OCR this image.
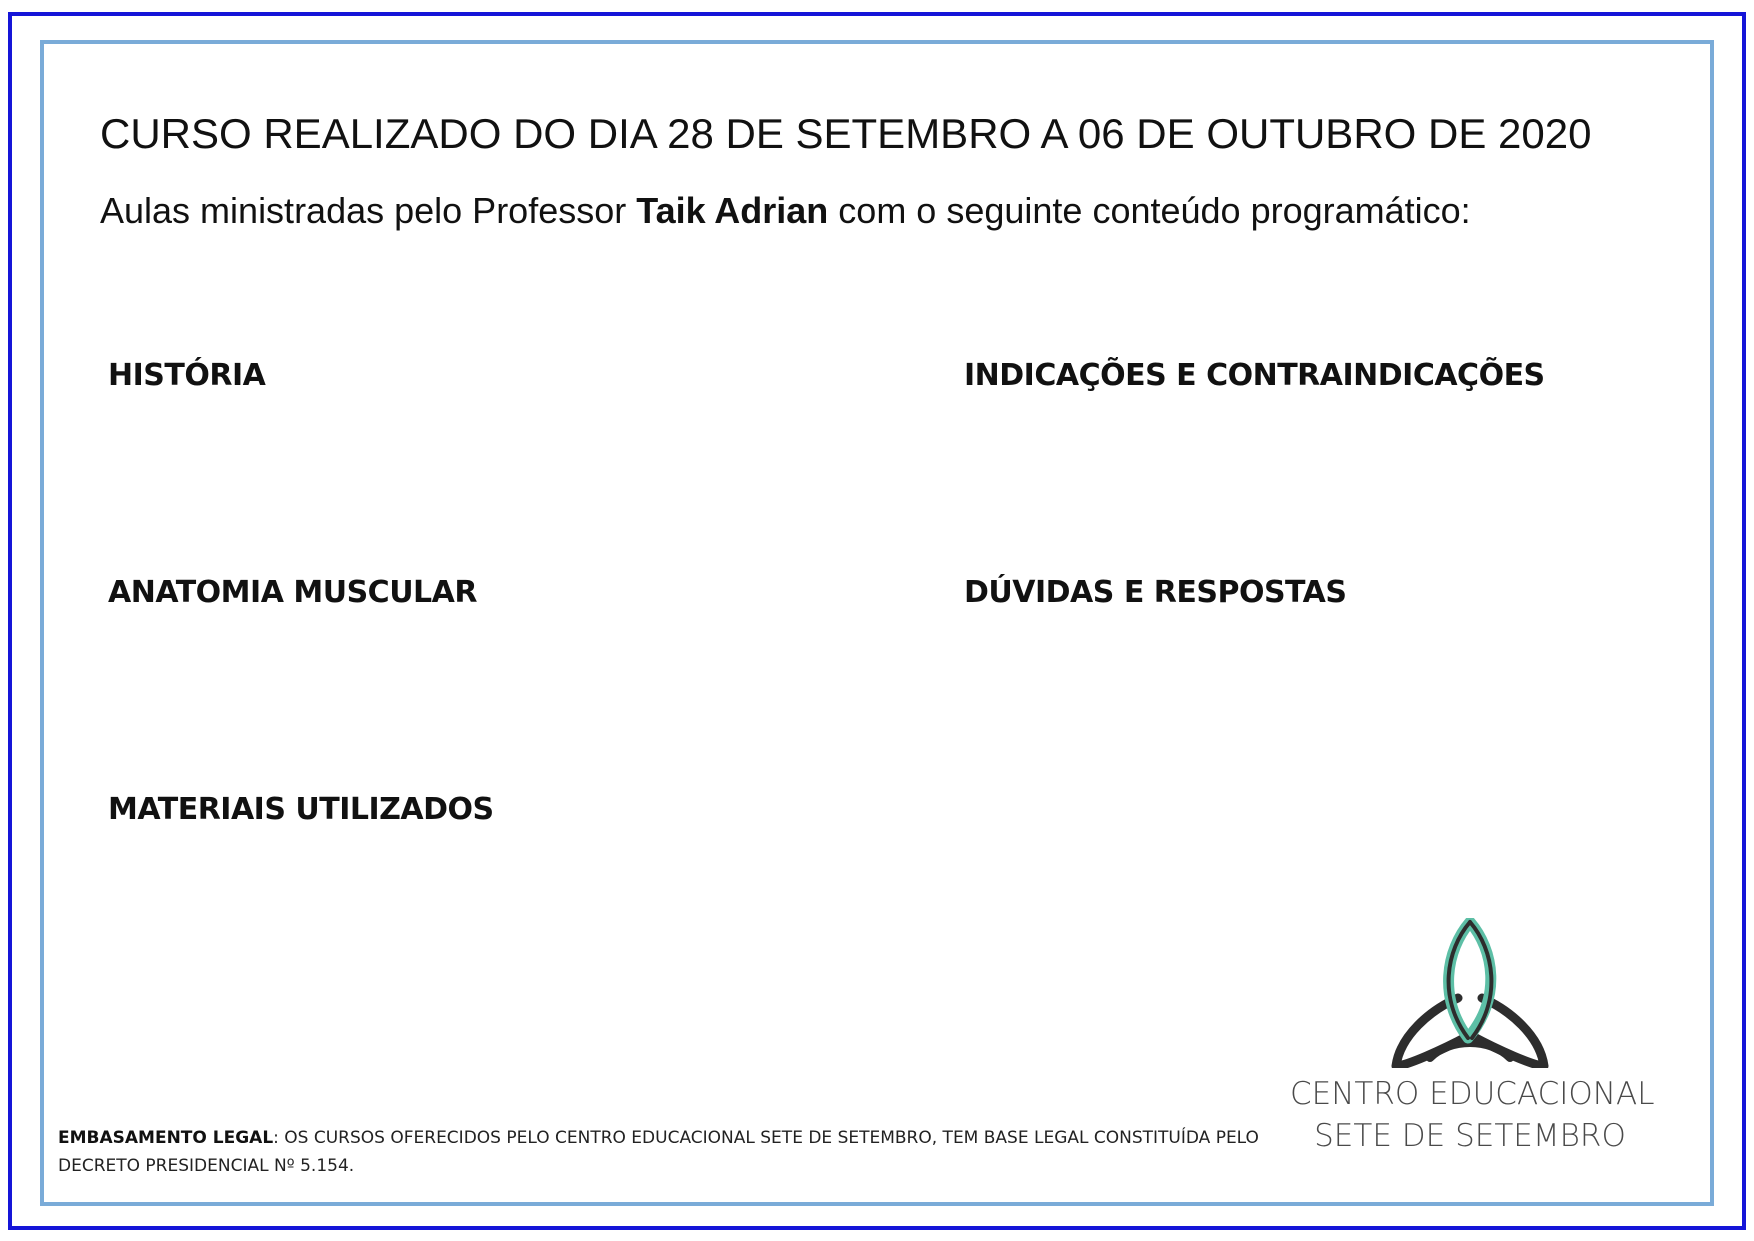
CURSO REALIZADO DO DIA 28 DE SETEMBRO A 06 DE OUTUBRO DE 2020

Aulas ministradas pelo Professor Taik Adrian com o seguinte conteúdo programático:

HISTÓRIA
ANATOMIA MUSCULAR
MATERIAIS UTILIZADOS
INDICAÇÕES E CONTRAINDICAÇÕES
DÚVIDAS E RESPOSTAS

EMBASAMENTO LEGAL: OS CURSOS OFERECIDOS PELO CENTRO EDUCACIONAL SETE DE SETEMBRO, TEM BASE LEGAL CONSTITUÍDA PELO DECRETO PRESIDENCIAL Nº 5.154.

CENTRO EDUCACIONAL
SETE DE SETEMBRO
